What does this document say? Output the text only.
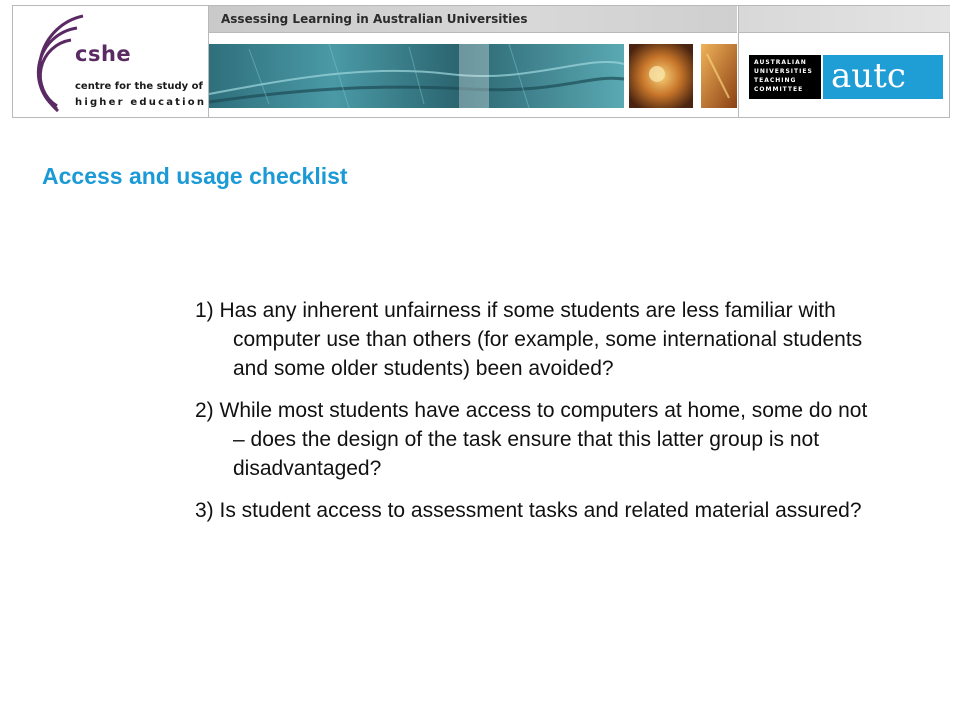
cshe
centre for the study of
higher education
Assessing Learning in Australian Universities
AUSTRALIAN
UNIVERSITIES
TEACHING
COMMITTEE autc
Access and usage checklist
1) Has any inherent unfairness if some students are less familiar with computer use than others (for example, some international students and some older students) been avoided?
2) While most students have access to computers at home, some do not – does the design of the task ensure that this latter group is not disadvantaged?
3) Is student access to assessment tasks and related material assured?
